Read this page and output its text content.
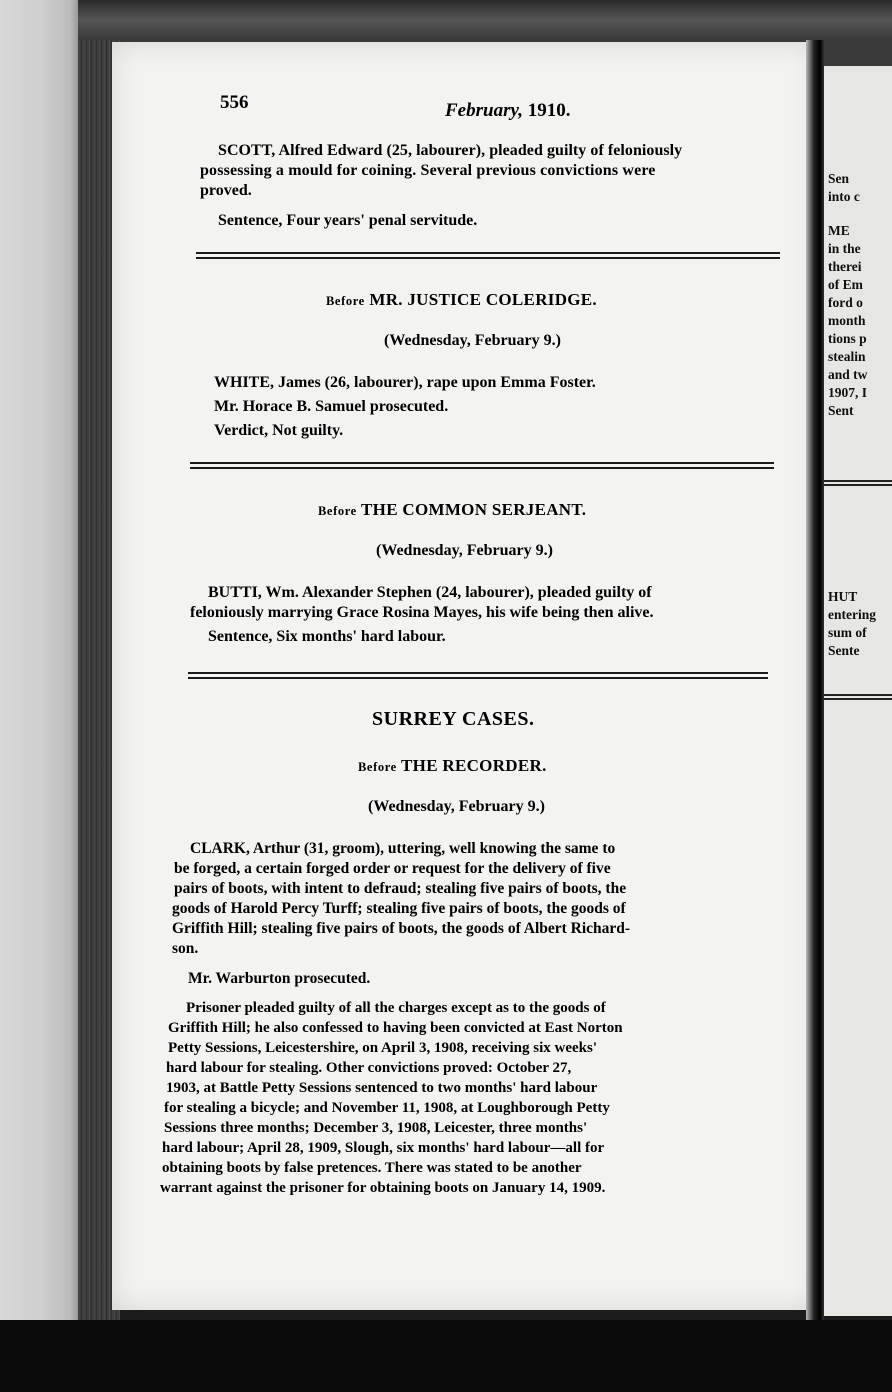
Sen
into c
ME
in the
therei
of Em
ford o
month
tions p
stealin
and tw
1907, I
Sent
HUT
entering
sum of
Sente
556	February, 1910.
SCOTT, Alfred Edward (25, labourer), pleaded guilty of feloniously
possessing a mould for coining. Several previous convictions were
proved.
Sentence, Four years' penal servitude.
Before MR. JUSTICE COLERIDGE.
(Wednesday, February 9.)
WHITE, James (26, labourer), rape upon Emma Foster.
Mr. Horace B. Samuel prosecuted.
Verdict, Not guilty.
Before THE COMMON SERJEANT.
(Wednesday, February 9.)
BUTTI, Wm. Alexander Stephen (24, labourer), pleaded guilty of
feloniously marrying Grace Rosina Mayes, his wife being then alive.
Sentence, Six months' hard labour.
SURREY CASES.
Before THE RECORDER.
(Wednesday, February 9.)
CLARK, Arthur (31, groom), uttering, well knowing the same to
be forged, a certain forged order or request for the delivery of five
pairs of boots, with intent to defraud; stealing five pairs of boots, the
goods of Harold Percy Turff; stealing five pairs of boots, the goods of
Griffith Hill; stealing five pairs of boots, the goods of Albert Richard-
son.
Mr. Warburton prosecuted.
Prisoner pleaded guilty of all the charges except as to the goods of
Griffith Hill; he also confessed to having been convicted at East Norton
Petty Sessions, Leicestershire, on April 3, 1908, receiving six weeks'
hard labour for stealing. Other convictions proved: October 27,
1903, at Battle Petty Sessions sentenced to two months' hard labour
for stealing a bicycle; and November 11, 1908, at Loughborough Petty
Sessions three months; December 3, 1908, Leicester, three months'
hard labour; April 28, 1909, Slough, six months' hard labour—all for
obtaining boots by false pretences. There was stated to be another
warrant against the prisoner for obtaining boots on January 14, 1909.
